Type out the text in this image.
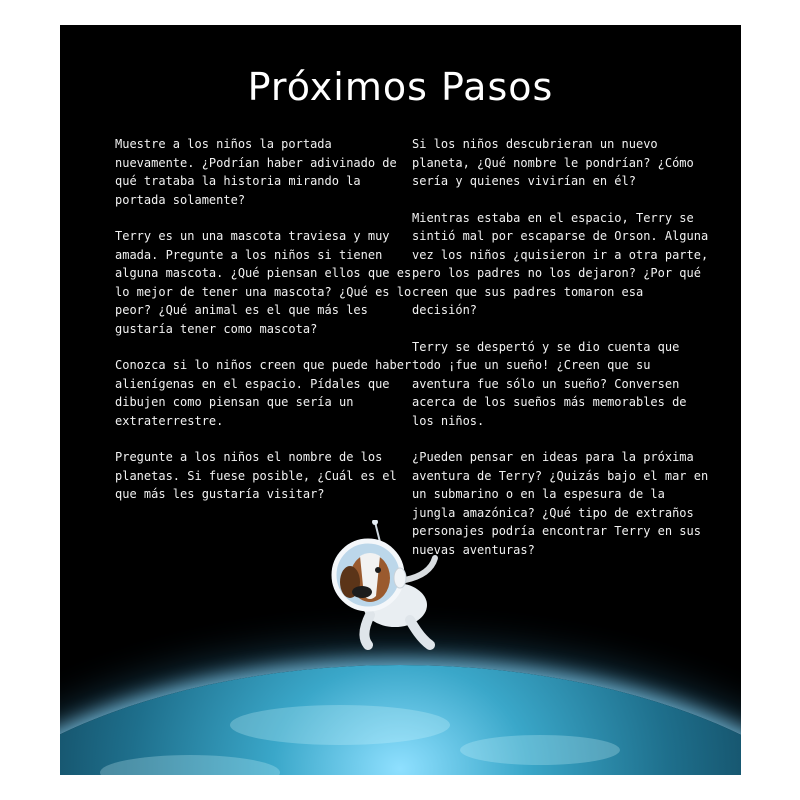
Próximos Pasos

Muestre a los niños la portada nuevamente. ¿Podrían haber adivinado de qué trataba la historia mirando la portada solamente?

Terry es un una mascota traviesa y muy amada. Pregunte a los niños si tienen alguna mascota. ¿Qué piensan ellos que es lo mejor de tener una mascota? ¿Qué es lo peor? ¿Qué animal es el que más les gustaría tener como mascota?

Conozca si lo niños creen que puede haber alienígenas en el espacio. Pídales que dibujen como piensan que sería un extraterrestre.

Pregunte a los niños el nombre de los planetas. Si fuese posible, ¿Cuál es el que más les gustaría visitar?

Si los niños descubrieran un nuevo planeta, ¿Qué nombre le pondrían? ¿Cómo sería y quienes vivirían en él?

Mientras estaba en el espacio, Terry se sintió mal por escaparse de Orson. Alguna vez los niños ¿quisieron ir a otra parte, pero los padres no los dejaron? ¿Por qué creen que sus padres tomaron esa decisión?

Terry se despertó y se dio cuenta que todo ¡fue un sueño! ¿Creen que su aventura fue sólo un sueño? Conversen acerca de los sueños más memorables de los niños.

¿Pueden pensar en ideas para la próxima aventura de Terry? ¿Quizás bajo el mar en un submarino o en la espesura de la jungla amazónica? ¿Qué tipo de extraños personajes podría encontrar Terry en sus nuevas aventuras?
